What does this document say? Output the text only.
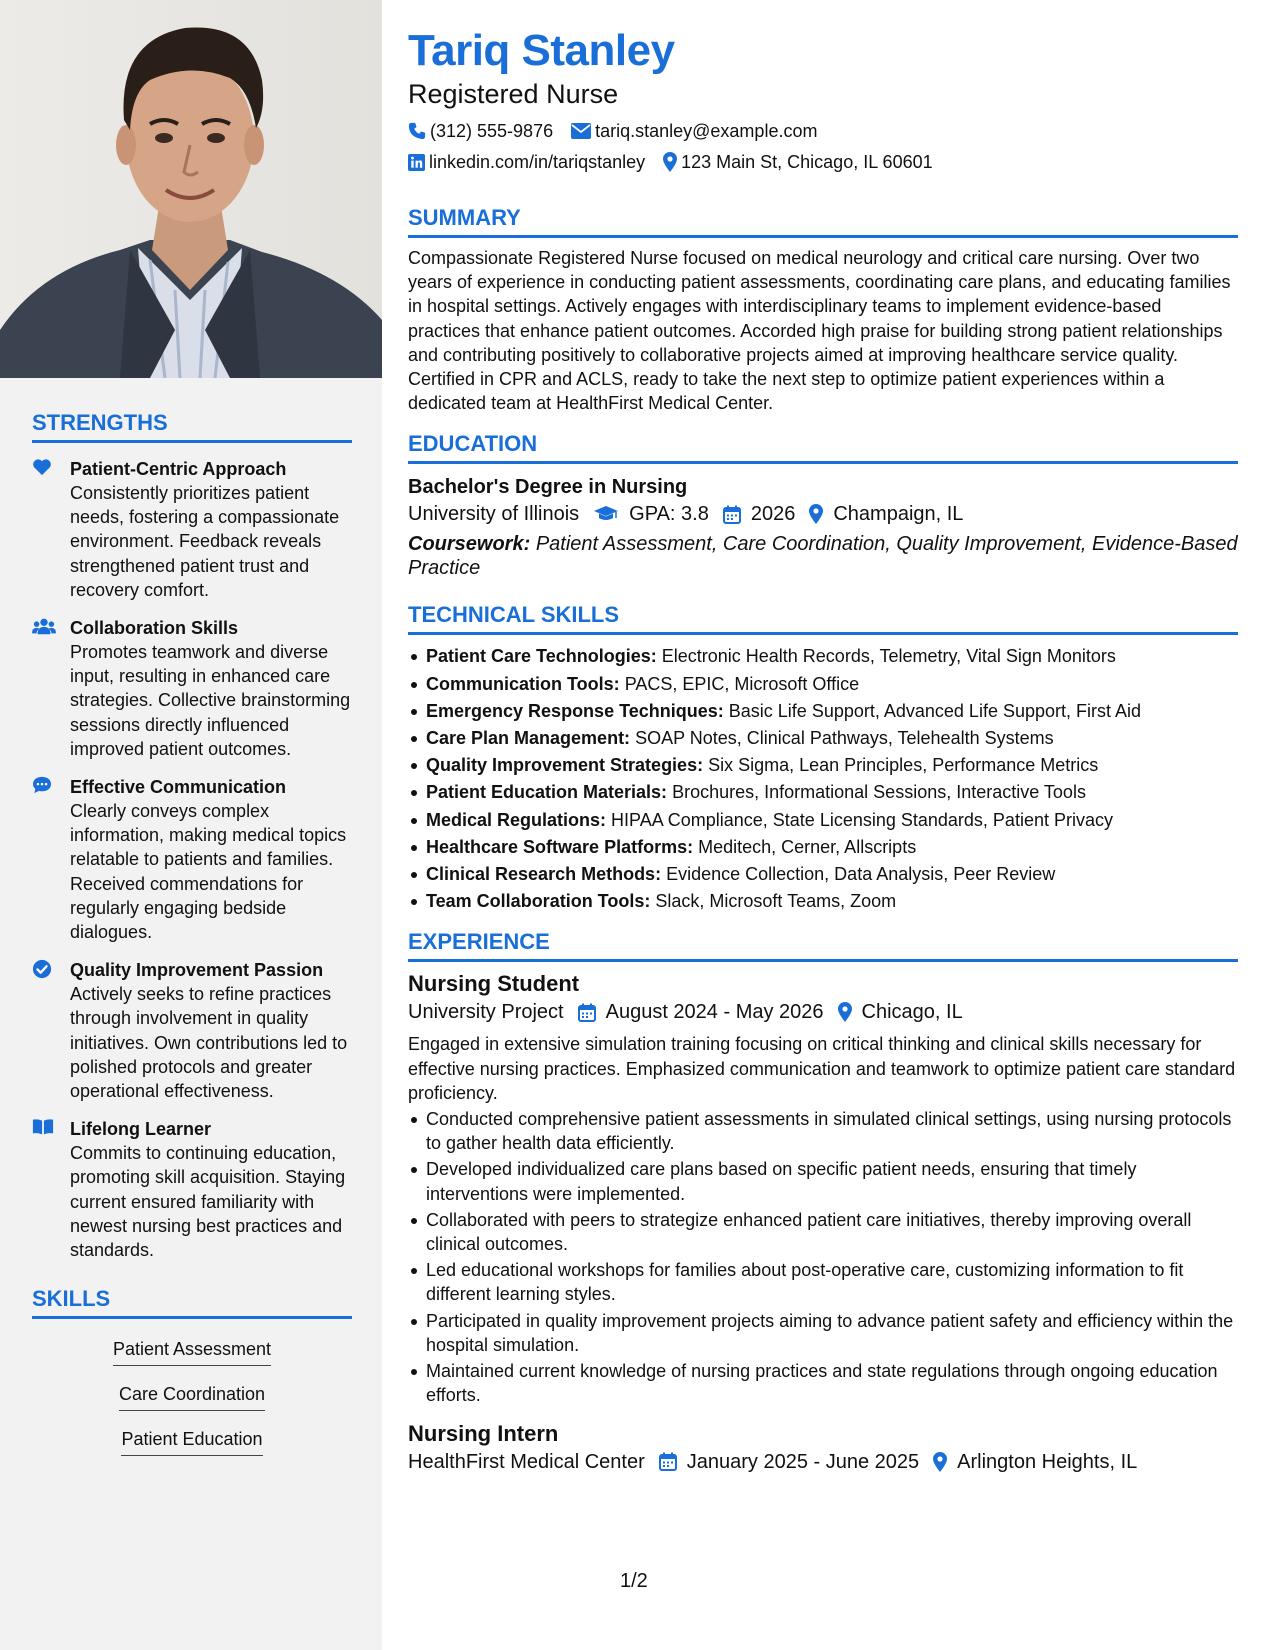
STRENGTHS
Patient-Centric Approach
Consistently prioritizes patient needs, fostering a compassionate environment. Feedback reveals strengthened patient trust and recovery comfort.
Collaboration Skills
Promotes teamwork and diverse input, resulting in enhanced care strategies. Collective brainstorming sessions directly influenced improved patient outcomes.
Effective Communication
Clearly conveys complex information, making medical topics relatable to patients and families. Received commendations for regularly engaging bedside dialogues.
Quality Improvement Passion
Actively seeks to refine practices through involvement in quality initiatives. Own contributions led to polished protocols and greater operational effectiveness.
Lifelong Learner
Commits to continuing education, promoting skill acquisition. Staying current ensured familiarity with newest nursing best practices and standards.
SKILLS
Patient Assessment
Care Coordination
Patient Education
Tariq Stanley
Registered Nurse
(312) 555-9876 tariq.stanley@example.com
linkedin.com/in/tariqstanley 123 Main St, Chicago, IL 60601
SUMMARY
Compassionate Registered Nurse focused on medical neurology and critical care nursing. Over two years of experience in conducting patient assessments, coordinating care plans, and educating families in hospital settings. Actively engages with interdisciplinary teams to implement evidence-based practices that enhance patient outcomes. Accorded high praise for building strong patient relationships and contributing positively to collaborative projects aimed at improving healthcare service quality. Certified in CPR and ACLS, ready to take the next step to optimize patient experiences within a dedicated team at HealthFirst Medical Center.
EDUCATION
Bachelor's Degree in Nursing
University of Illinois	GPA: 3.8 2026 Champaign, IL
Coursework: Patient Assessment, Care Coordination, Quality Improvement, Evidence-Based Practice
TECHNICAL SKILLS
Patient Care Technologies: Electronic Health Records, Telemetry, Vital Sign Monitors
Communication Tools: PACS, EPIC, Microsoft Office
Emergency Response Techniques: Basic Life Support, Advanced Life Support, First Aid
Care Plan Management: SOAP Notes, Clinical Pathways, Telehealth Systems
Quality Improvement Strategies: Six Sigma, Lean Principles, Performance Metrics
Patient Education Materials: Brochures, Informational Sessions, Interactive Tools
Medical Regulations: HIPAA Compliance, State Licensing Standards, Patient Privacy
Healthcare Software Platforms: Meditech, Cerner, Allscripts
Clinical Research Methods: Evidence Collection, Data Analysis, Peer Review
Team Collaboration Tools: Slack, Microsoft Teams, Zoom
EXPERIENCE
Nursing Student
University Project August 2024 - May 2026 Chicago, IL
Engaged in extensive simulation training focusing on critical thinking and clinical skills necessary for effective nursing practices. Emphasized communication and teamwork to optimize patient care standard proficiency.
Conducted comprehensive patient assessments in simulated clinical settings, using nursing protocols to gather health data efficiently.
Developed individualized care plans based on specific patient needs, ensuring that timely interventions were implemented.
Collaborated with peers to strategize enhanced patient care initiatives, thereby improving overall clinical outcomes.
Led educational workshops for families about post-operative care, customizing information to fit different learning styles.
Participated in quality improvement projects aiming to advance patient safety and efficiency within the hospital simulation.
Maintained current knowledge of nursing practices and state regulations through ongoing education efforts.
Nursing Intern
HealthFirst Medical Center January 2025 - June 2025 Arlington Heights, IL
1/2
